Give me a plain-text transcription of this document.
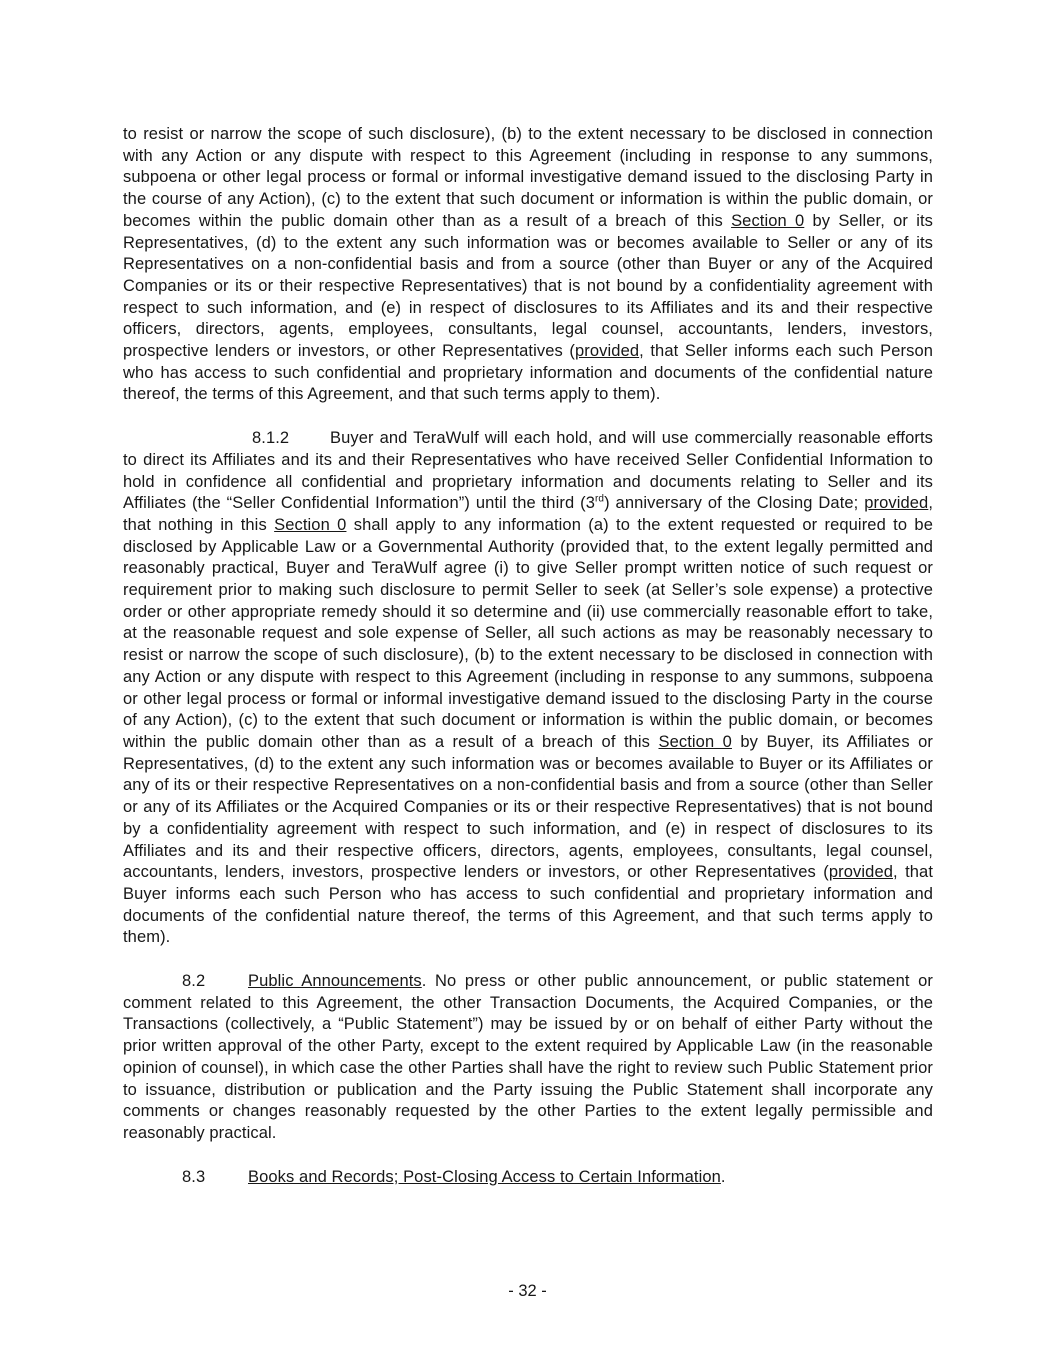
to resist or narrow the scope of such disclosure), (b) to the extent necessary to be disclosed in connection with any Action or any dispute with respect to this Agreement (including in response to any summons, subpoena or other legal process or formal or informal investigative demand issued to the disclosing Party in the course of any Action), (c) to the extent that such document or information is within the public domain, or becomes within the public domain other than as a result of a breach of this Section 0 by Seller, or its Representatives, (d) to the extent any such information was or becomes available to Seller or any of its Representatives on a non-confidential basis and from a source (other than Buyer or any of the Acquired Companies or its or their respective Representatives) that is not bound by a confidentiality agreement with respect to such information, and (e) in respect of disclosures to its Affiliates and its and their respective officers, directors, agents, employees, consultants, legal counsel, accountants, lenders, investors, prospective lenders or investors, or other Representatives (provided, that Seller informs each such Person who has access to such confidential and proprietary information and documents of the confidential nature thereof, the terms of this Agreement, and that such terms apply to them).

8.1.2 Buyer and TeraWulf will each hold, and will use commercially reasonable efforts to direct its Affiliates and its and their Representatives who have received Seller Confidential Information to hold in confidence all confidential and proprietary information and documents relating to Seller and its Affiliates (the “Seller Confidential Information”) until the third (3rd) anniversary of the Closing Date; provided, that nothing in this Section 0 shall apply to any information (a) to the extent requested or required to be disclosed by Applicable Law or a Governmental Authority (provided that, to the extent legally permitted and reasonably practical, Buyer and TeraWulf agree (i) to give Seller prompt written notice of such request or requirement prior to making such disclosure to permit Seller to seek (at Seller’s sole expense) a protective order or other appropriate remedy should it so determine and (ii) use commercially reasonable effort to take, at the reasonable request and sole expense of Seller, all such actions as may be reasonably necessary to resist or narrow the scope of such disclosure), (b) to the extent necessary to be disclosed in connection with any Action or any dispute with respect to this Agreement (including in response to any summons, subpoena or other legal process or formal or informal investigative demand issued to the disclosing Party in the course of any Action), (c) to the extent that such document or information is within the public domain, or becomes within the public domain other than as a result of a breach of this Section 0 by Buyer, its Affiliates or Representatives, (d) to the extent any such information was or becomes available to Buyer or its Affiliates or any of its or their respective Representatives on a non-confidential basis and from a source (other than Seller or any of its Affiliates or the Acquired Companies or its or their respective Representatives) that is not bound by a confidentiality agreement with respect to such information, and (e) in respect of disclosures to its Affiliates and its and their respective officers, directors, agents, employees, consultants, legal counsel, accountants, lenders, investors, prospective lenders or investors, or other Representatives (provided, that Buyer informs each such Person who has access to such confidential and proprietary information and documents of the confidential nature thereof, the terms of this Agreement, and that such terms apply to them).

8.2	Public Announcements. No press or other public announcement, or public statement or comment related to this Agreement, the other Transaction Documents, the Acquired Companies, or the Transactions (collectively, a “Public Statement”) may be issued by or on behalf of either Party without the prior written approval of the other Party, except to the extent required by Applicable Law (in the reasonable opinion of counsel), in which case the other Parties shall have the right to review such Public Statement prior to issuance, distribution or publication and the Party issuing the Public Statement shall incorporate any comments or changes reasonably requested by the other Parties to the extent legally permissible and reasonably practical.

8.3	Books and Records; Post-Closing Access to Certain Information.

- 32 -
